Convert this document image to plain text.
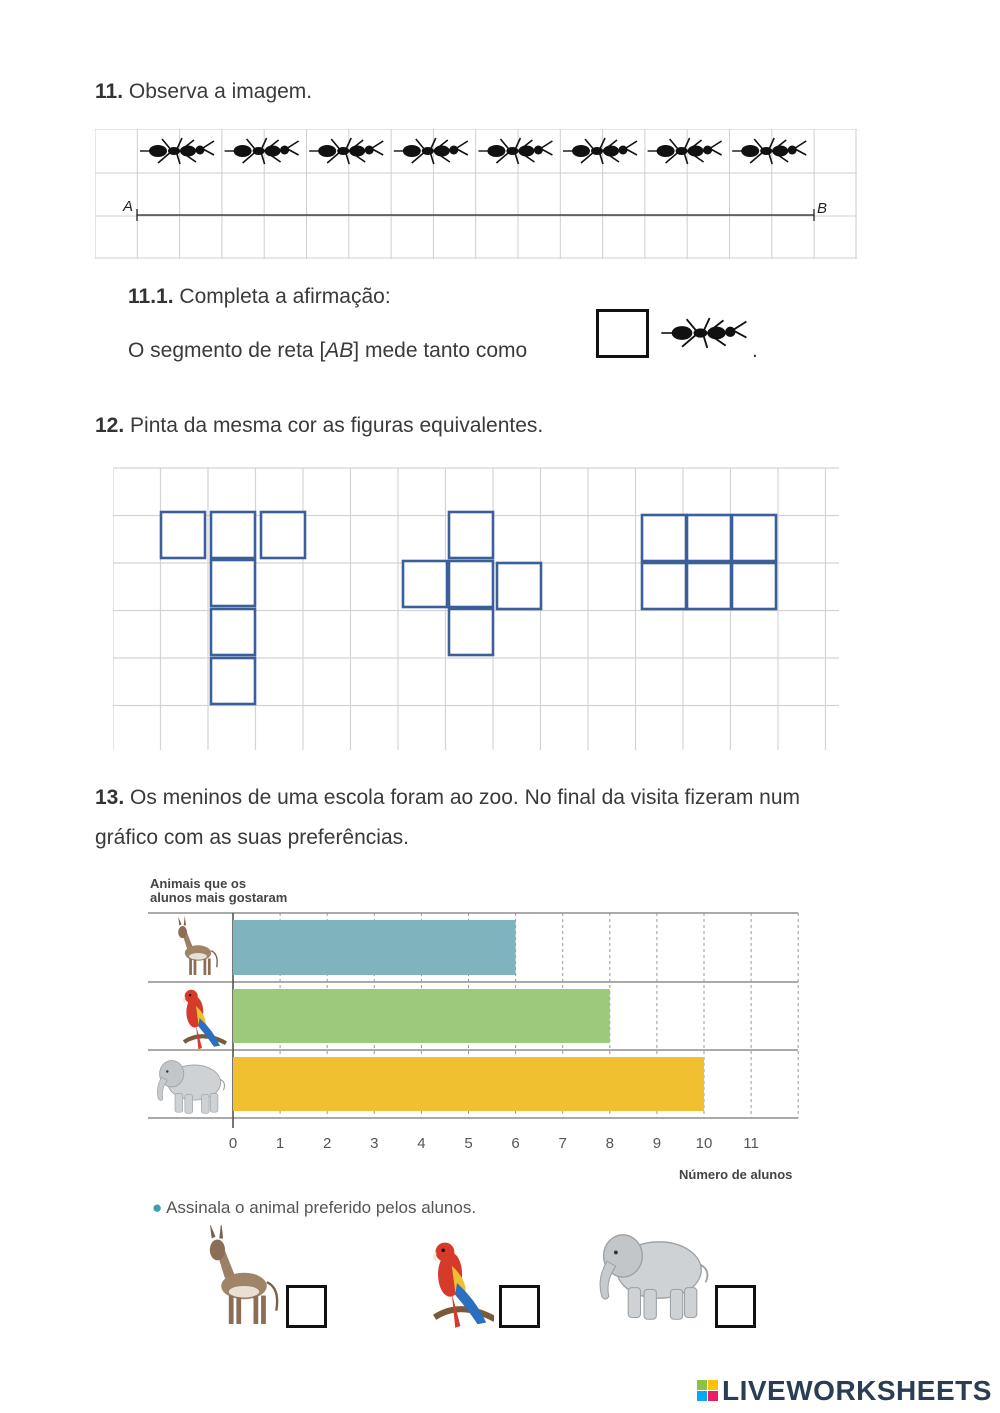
11. Observa a imagem.
A	B
11.1. Completa a afirmação:
O segmento de reta [AB] mede tanto como	.
12. Pinta da mesma cor as figuras equivalentes.
13. Os meninos de uma escola foram ao zoo. No final da visita fizeram num
gráfico com as suas preferências.
Animais que os
alunos mais gostaram
0	1	2	3	4	5	6	7	8	9	10	11
Número de alunos
● Assinala o animal preferido pelos alunos.
LIVEWORKSHEETS
